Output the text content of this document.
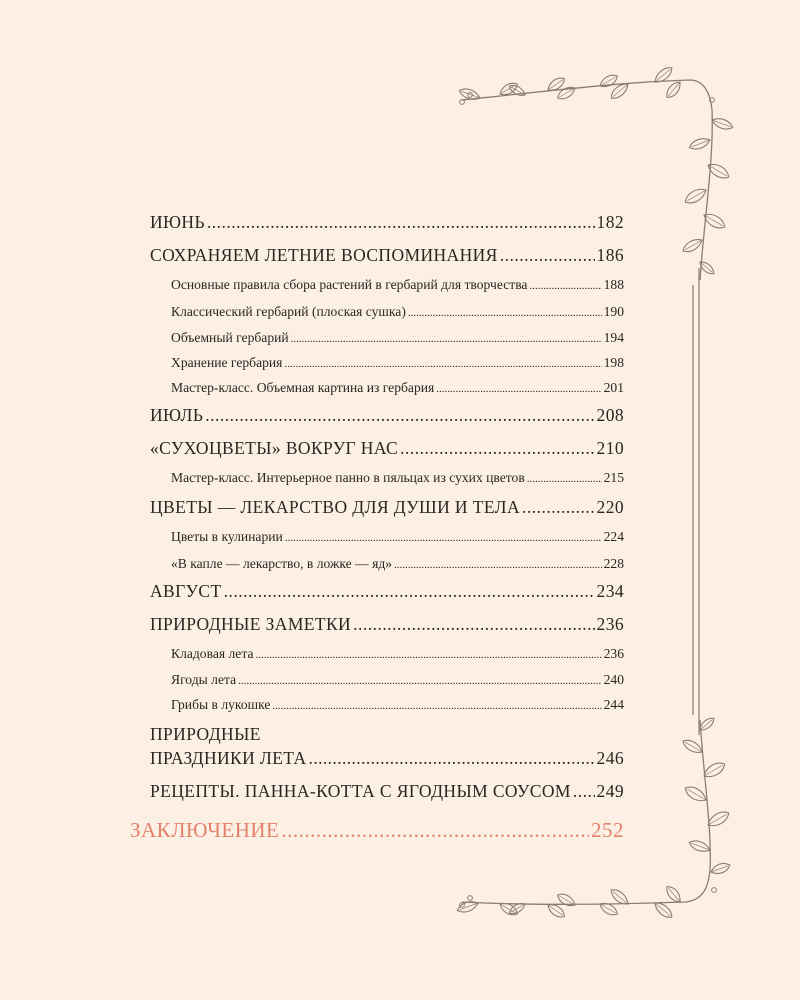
ИЮНЬ .....	182
СОХРАНЯЕМ ЛЕТНИЕ ВОСПОМИНАНИЯ .....	186
Основные правила сбора растений в гербарий для творчества .....	188
Классический гербарий (плоская сушка) .....	190
Объемный гербарий .....	194
Хранение гербария .....	198
Мастер-класс. Объемная картина из гербария .....	201
ИЮЛЬ .....	208
«СУХОЦВЕТЫ» ВОКРУГ НАС .....	210
Мастер-класс. Интерьерное панно в пяльцах из сухих цветов .....	215
ЦВЕТЫ — ЛЕКАРСТВО ДЛЯ ДУШИ И ТЕЛА .....	220
Цветы в кулинарии .....	224
«В капле — лекарство, в ложке — яд» .....	228
АВГУСТ .....	234
ПРИРОДНЫЕ ЗАМЕТКИ .....	236
Кладовая лета .....	236
Ягоды лета .....	240
Грибы в лукошке .....	244
ПРИРОДНЫЕ
ПРАЗДНИКИ ЛЕТА .....	246
РЕЦЕПТЫ. ПАННА-КОТТА С ЯГОДНЫМ СОУСОМ ..... 249
ЗАКЛЮЧЕНИЕ .....	252
